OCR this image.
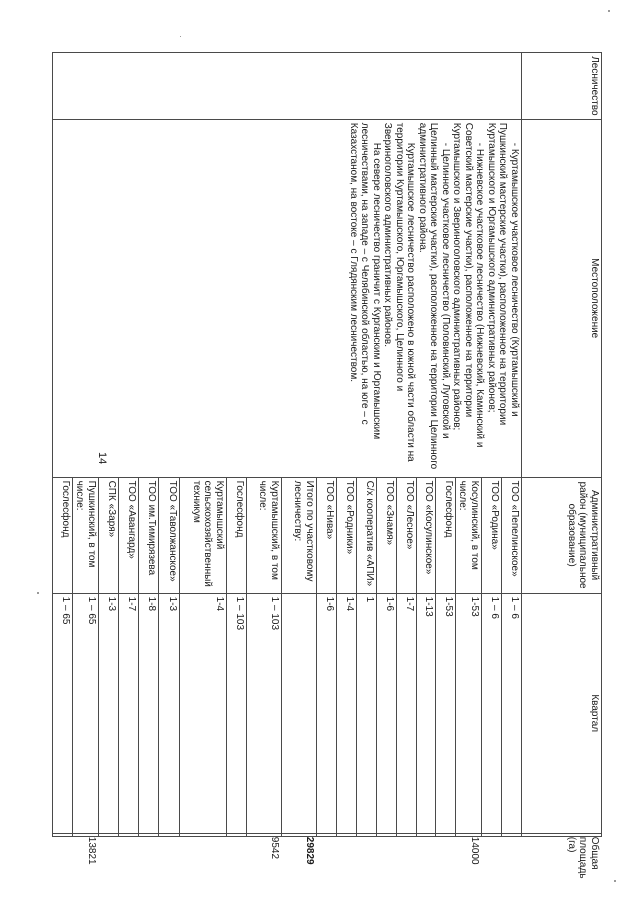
14
Лесничество	Местоположение	Административный район (муниципальное образование)	Квартал	Общая площадь (га)

	- Куртамышское участковое лесничество (Куртамышский и Пушкинский мастерские участки), расположенное на территории Куртамышского и Юргамышского административных районов;

- Нижневское участковое лесничество (Нижневский, Каминский и Советский мастерские участки), расположенное на территории Куртамышского и Звериноголовского административных районов;

- Целинное участковое лесничество (Половинский, Луговской и Целинный мастерские участки), расположенное на территории Целинного административного района.

Куртамышское лесничество расположено в южной части области на территории Куртамышского, Юргамышского, Целинного и Звериноголовского административных районов.

На севере лесничество граничит с Курганским и Юргамышским лесничествами, на западе – с Челябинской областью, на юге – с Казахстаном, на востоке – с Глядянским лесничеством.	ТОО «Пепелинское»	1 – 6	
		ТОО «Родина»	1 – 6	
		Косулинский, в том числе:	1-53	14000
		Гослесфонд	1-53	
		ТОО «Косулинское»	1-13	
		ТОО «Лесное»	1-7	
		ТОО «Знамя»	1-6	
		С/х кооператив «АПИ»	1	
		ТОО «Родники»	1-4	
		ТОО «Нива»	1-6	
		Итого по участковому лесничеству:		29829
		Куртамышский, в том числе:	1 – 103	9542
		Гослесфонд	1 – 103	
		Куртамышский сельскохозяйственный техникум	1-4	
		ТОО «Таволжанское»	1-3	
		ТОО им.Тимирязева	1-8	
		ТОО «Авангард»	1-7	
		СПК «Заря»	1-3	
		Пушкинский, в том числе:	1 – 65	13821
		Гослесфонд	1 – 65	
